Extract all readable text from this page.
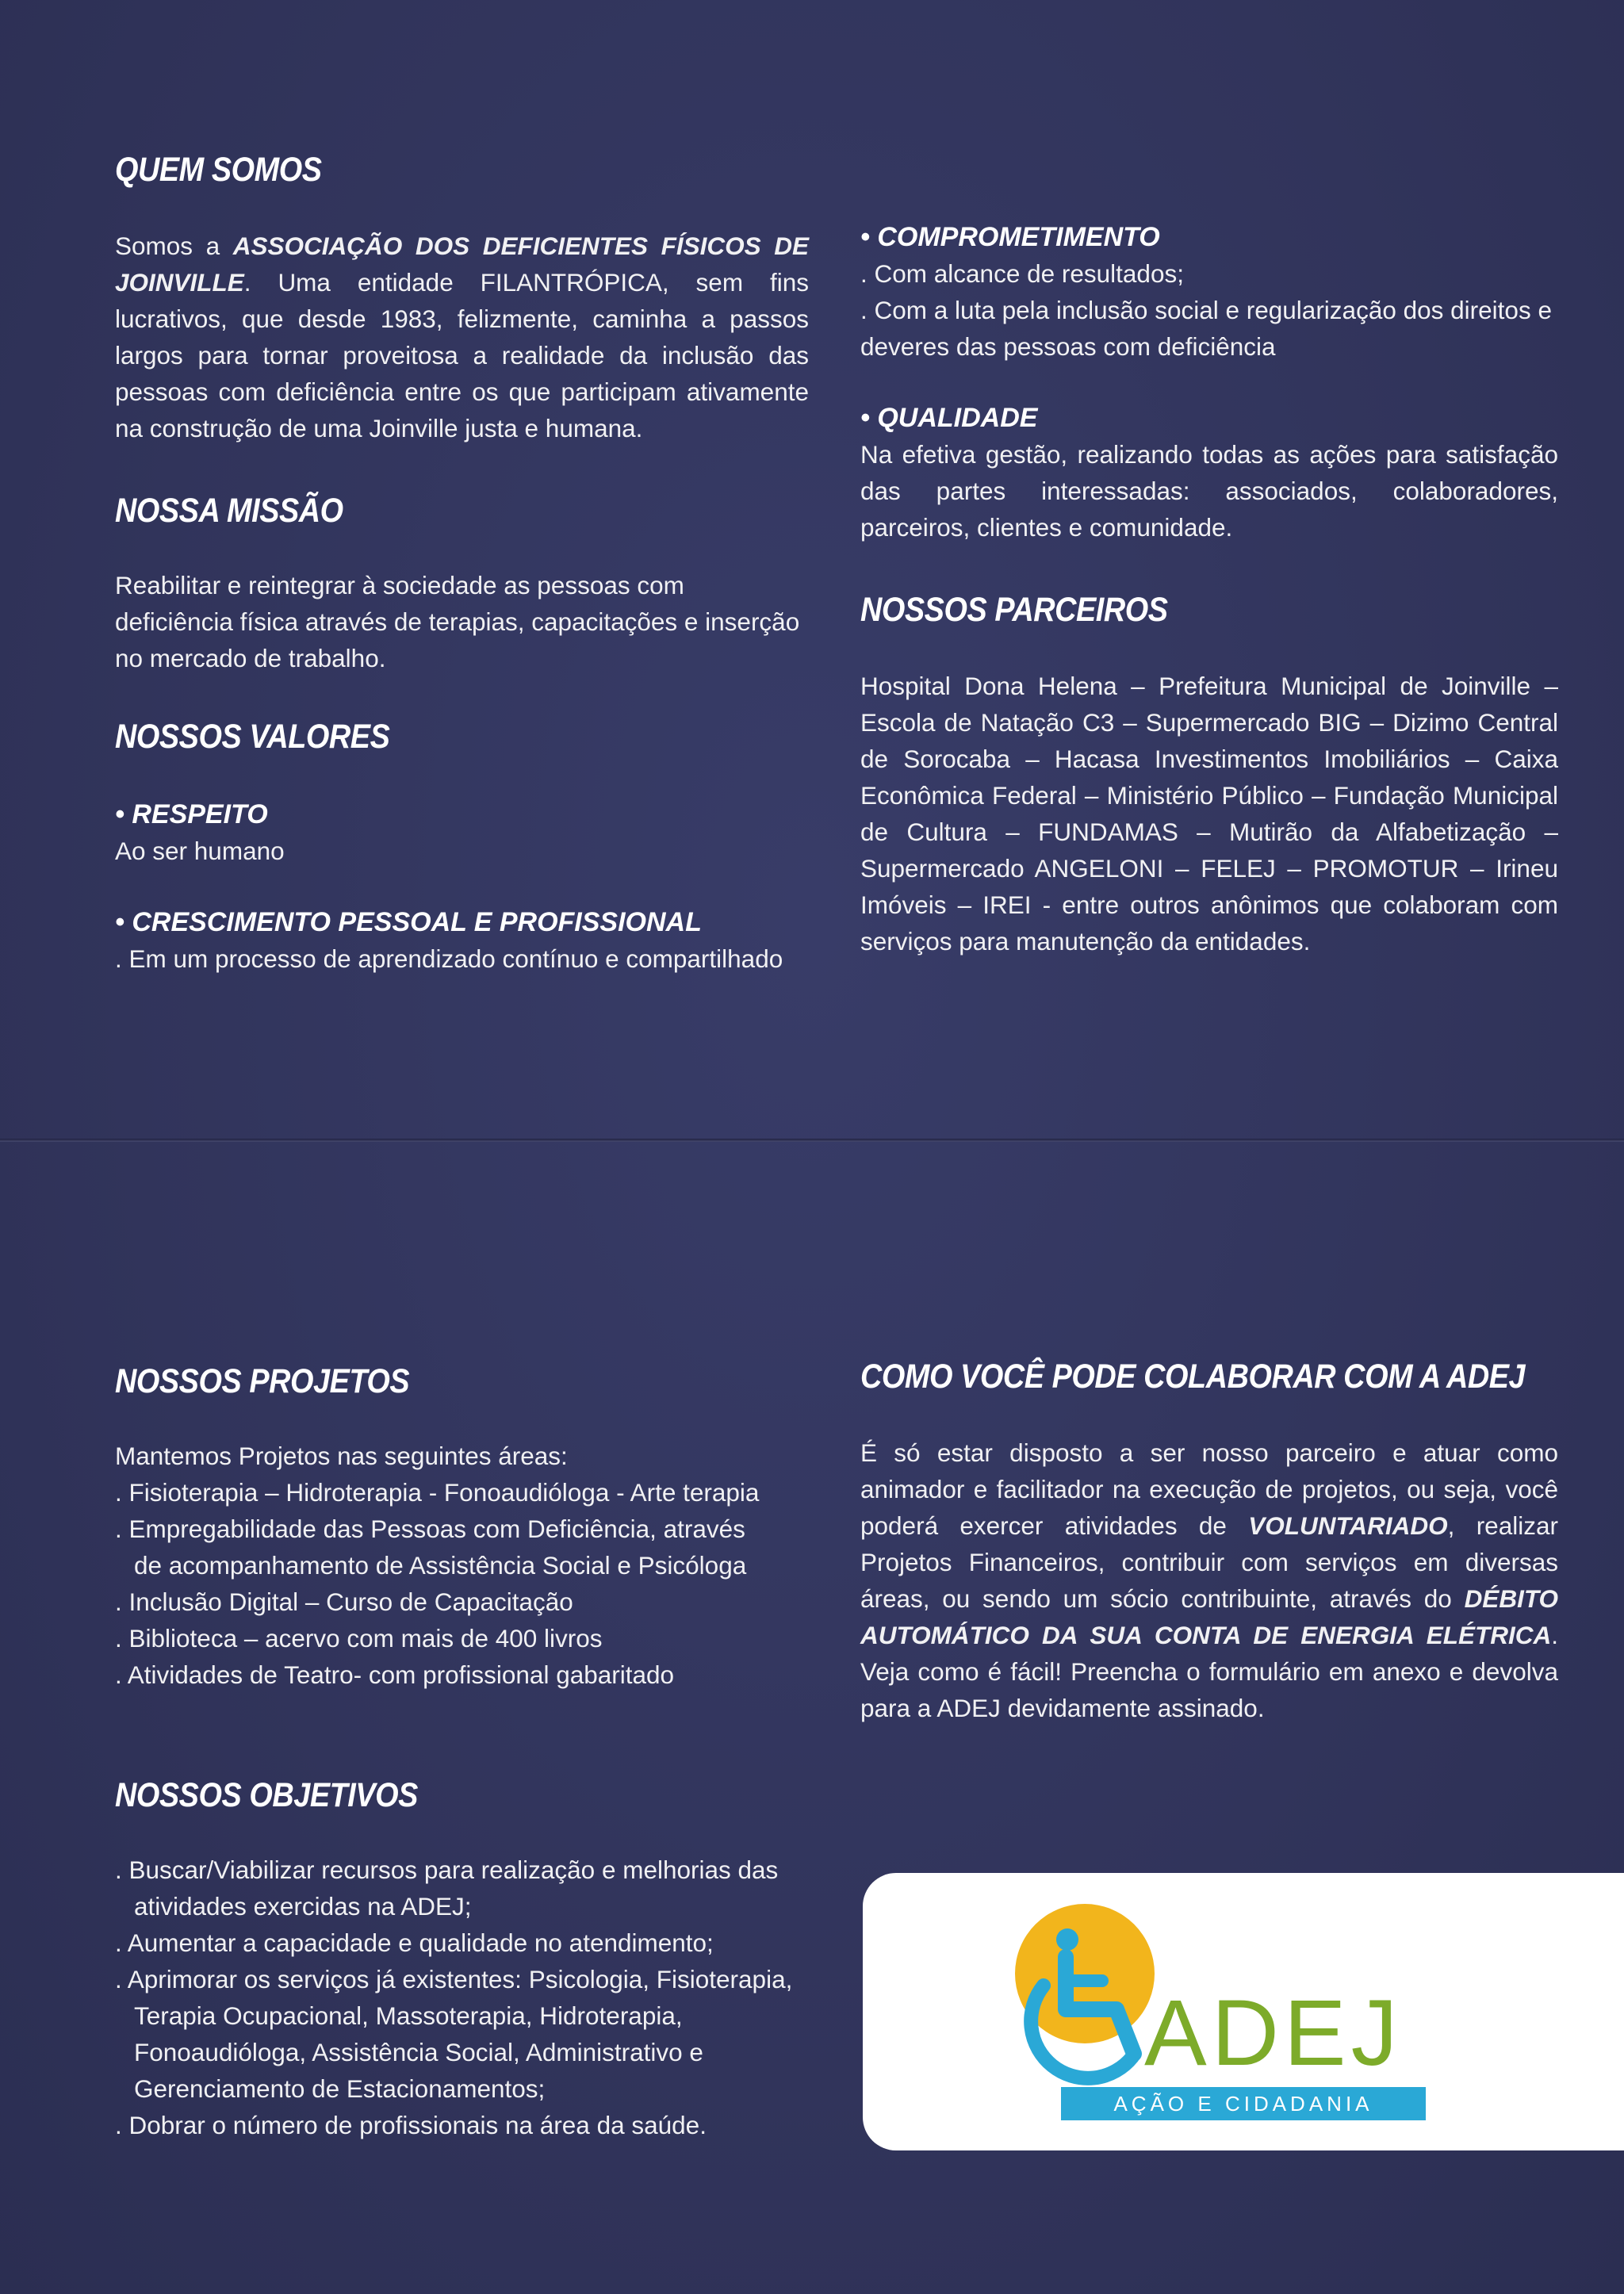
QUEM SOMOS
Somos a ASSOCIAÇÃO DOS DEFICIENTES FÍSICOS DE JOINVILLE. Uma entidade FILANTRÓPICA, sem fins lucrativos, que desde 1983, felizmente, caminha a passos largos para tornar proveitosa a realidade da inclusão das pessoas com deficiência entre os que participam ativamente na construção de uma Joinville justa e humana.
NOSSA MISSÃO
Reabilitar e reintegrar à sociedade as pessoas com deficiência física através de terapias, capacitações e inserção no mercado de trabalho.
NOSSOS VALORES
• RESPEITO
Ao ser humano
• CRESCIMENTO PESSOAL E PROFISSIONAL
. Em um processo de aprendizado contínuo e compartilhado
• COMPROMETIMENTO
. Com alcance de resultados;
. Com a luta pela inclusão social e regularização dos direitos e deveres das pessoas com deficiência
• QUALIDADE
Na efetiva gestão, realizando todas as ações para satisfação das partes interessadas: associados, colaboradores, parceiros, clientes e comunidade.
NOSSOS PARCEIROS
Hospital Dona Helena – Prefeitura Municipal de Joinville – Escola de Natação C3 – Supermercado BIG – Dizimo Central de Sorocaba – Hacasa Investimentos Imobiliários – Caixa Econômica Federal – Ministério Público – Fundação Municipal de Cultura – FUNDAMAS – Mutirão da Alfabetização – Supermercado ANGELONI – FELEJ – PROMOTUR – Irineu Imóveis – IREI - entre outros anônimos que colaboram com serviços para manutenção da entidades.
NOSSOS PROJETOS
Mantemos Projetos nas seguintes áreas:
. Fisioterapia – Hidroterapia - Fonoaudióloga - Arte terapia
. Empregabilidade das Pessoas com Deficiência, através
de acompanhamento de Assistência Social e Psicóloga
. Inclusão Digital – Curso de Capacitação
. Biblioteca – acervo com mais de 400 livros
. Atividades de Teatro- com profissional gabaritado
NOSSOS OBJETIVOS
. Buscar/Viabilizar recursos para realização e melhorias das
atividades exercidas na ADEJ;
. Aumentar a capacidade e qualidade no atendimento;
. Aprimorar os serviços já existentes: Psicologia, Fisioterapia,
Terapia Ocupacional, Massoterapia, Hidroterapia,
Fonoaudióloga, Assistência Social, Administrativo e
Gerenciamento de Estacionamentos;
. Dobrar o número de profissionais na área da saúde.
COMO VOCÊ PODE COLABORAR COM A ADEJ
É só estar disposto a ser nosso parceiro e atuar como animador e facilitador na execução de projetos, ou seja, você poderá exercer atividades de VOLUNTARIADO, realizar Projetos Financeiros, contribuir com serviços em diversas áreas, ou sendo um sócio contribuinte, através do DÉBITO AUTOMÁTICO DA SUA CONTA DE ENERGIA ELÉTRICA. Veja como é fácil! Preencha o formulário em anexo e devolva para a ADEJ devidamente assinado.
ADEJ
AÇÃO E CIDADANIA
